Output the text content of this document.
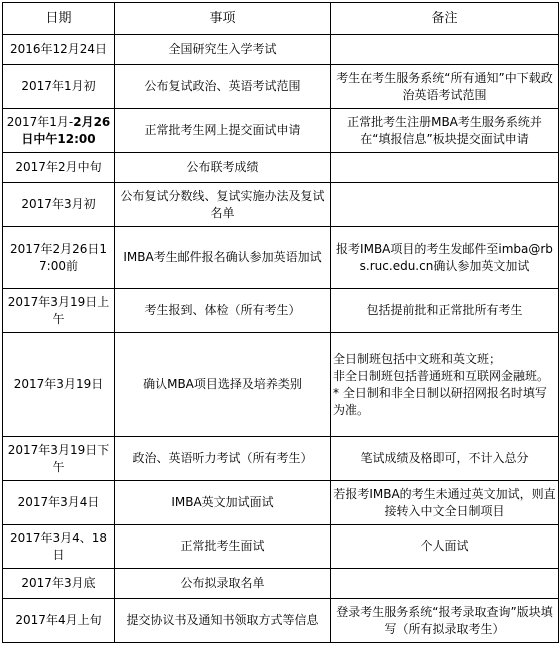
日期	事项	备注
2016年12月24日	全国研究生入学考试	
2017年1月初	公布复试政治、英语考试范围	考生在考生服务系统“所有通知”中下载政治英语考试范围
2017年1月-2月26日中午12:00	正常批考生网上提交面试申请	正常批考生注册MBA考生服务系统并在“填报信息”板块提交面试申请
2017年2月中旬	公布联考成绩	
2017年3月初	公布复试分数线、复试实施办法及复试名单	
2017年2月26日17:00前	IMBA考生邮件报名确认参加英语加试	报考IMBA项目的考生发邮件至imba@rbs.ruc.edu.cn确认参加英文加试
2017年3月19日上午	考生报到、体检（所有考生）	包括提前批和正常批所有考生
2017年3月19日	确认MBA项目选择及培养类别	全日制班包括中文班和英文班；
非全日制班包括普通班和互联网金融班。
* 全日制和非全日制以研招网报名时填写为准。

2017年3月19日下午	政治、英语听力考试（所有考生）	笔试成绩及格即可，不计入总分
2017年3月4日	IMBA英文加试面试	若报考IMBA的考生未通过英文加试，则直接转入中文全日制项目
2017年3月4、18日	正常批考生面试	个人面试
2017年3月底	公布拟录取名单	
2017年4月上旬	提交协议书及通知书领取方式等信息	登录考生服务系统“报考录取查询”版块填写（所有拟录取考生）
